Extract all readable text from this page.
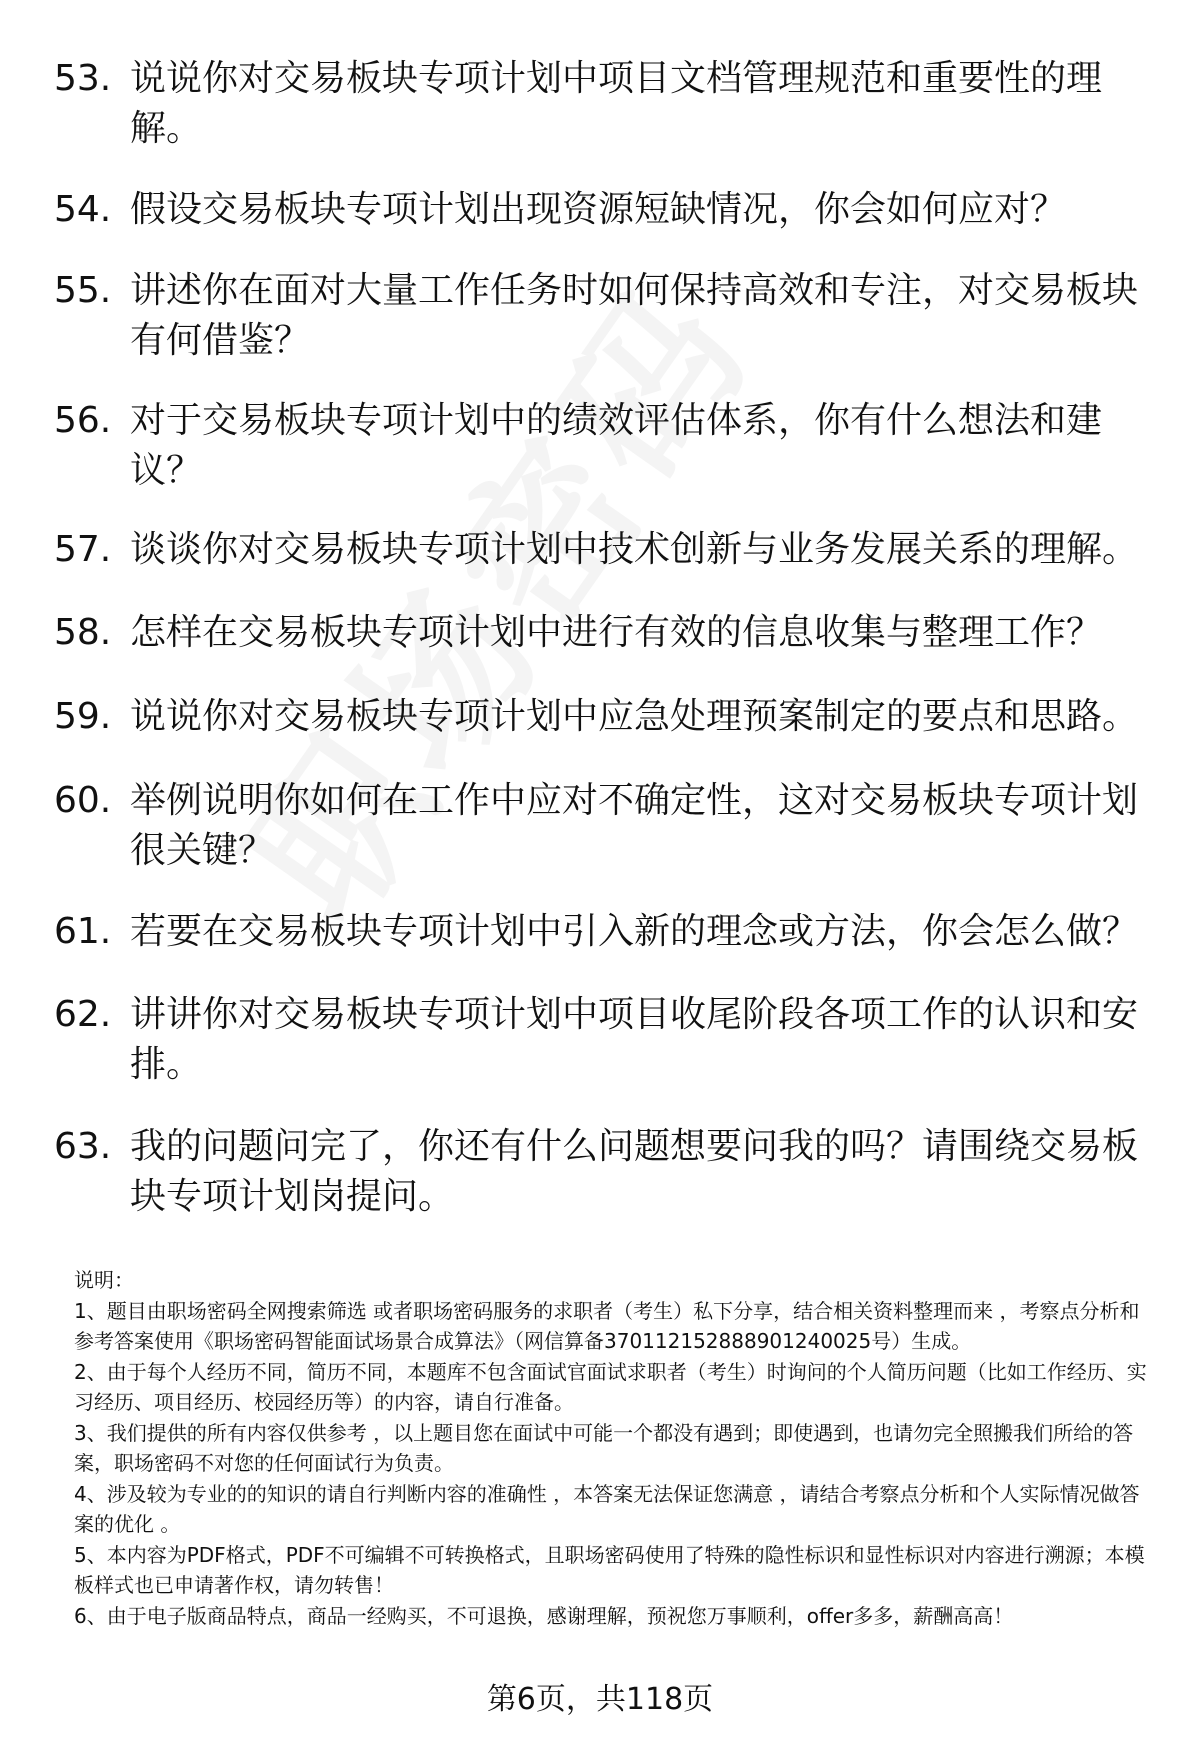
53. 说说你对交易板块专项计划中项目文档管理规范和重要性的理解。
54. 假设交易板块专项计划出现资源短缺情况，你会如何应对？
55. 讲述你在面对大量工作任务时如何保持高效和专注，对交易板块有何借鉴？
56. 对于交易板块专项计划中的绩效评估体系，你有什么想法和建议？
57. 谈谈你对交易板块专项计划中技术创新与业务发展关系的理解。
58. 怎样在交易板块专项计划中进行有效的信息收集与整理工作？
59. 说说你对交易板块专项计划中应急处理预案制定的要点和思路。
60. 举例说明你如何在工作中应对不确定性，这对交易板块专项计划很关键？
61. 若要在交易板块专项计划中引入新的理念或方法，你会怎么做？
62. 讲讲你对交易板块专项计划中项目收尾阶段各项工作的认识和安排。
63. 我的问题问完了，你还有什么问题想要问我的吗？请围绕交易板块专项计划岗提问。

说明：

1、题目由职场密码全网搜索筛选 或者职场密码服务的求职者（考生）私下分享，结合相关资料整理而来 ，考察点分析和参考答案使用《职场密码智能面试场景合成算法》（网信算备370112152888901240025号）生成。

2、由于每个人经历不同，简历不同，本题库不包含面试官面试求职者（考生）时询问的个人简历问题（比如工作经历、实习经历、项目经历、校园经历等）的内容，请自行准备。

3、我们提供的所有内容仅供参考 ，以上题目您在面试中可能一个都没有遇到；即使遇到，也请勿完全照搬我们所给的答案，职场密码不对您的任何面试行为负责。

4、涉及较为专业的的知识的请自行判断内容的准确性 ，本答案无法保证您满意 ，请结合考察点分析和个人实际情况做答案的优化 。

5、本内容为PDF格式，PDF不可编辑不可转换格式，且职场密码使用了特殊的隐性标识和显性标识对内容进行溯源；本模板样式也已申请著作权，请勿转售！

6、由于电子版商品特点，商品一经购买，不可退换，感谢理解，预祝您万事顺利，offer多多，薪酬高高！

第6页，共118页
